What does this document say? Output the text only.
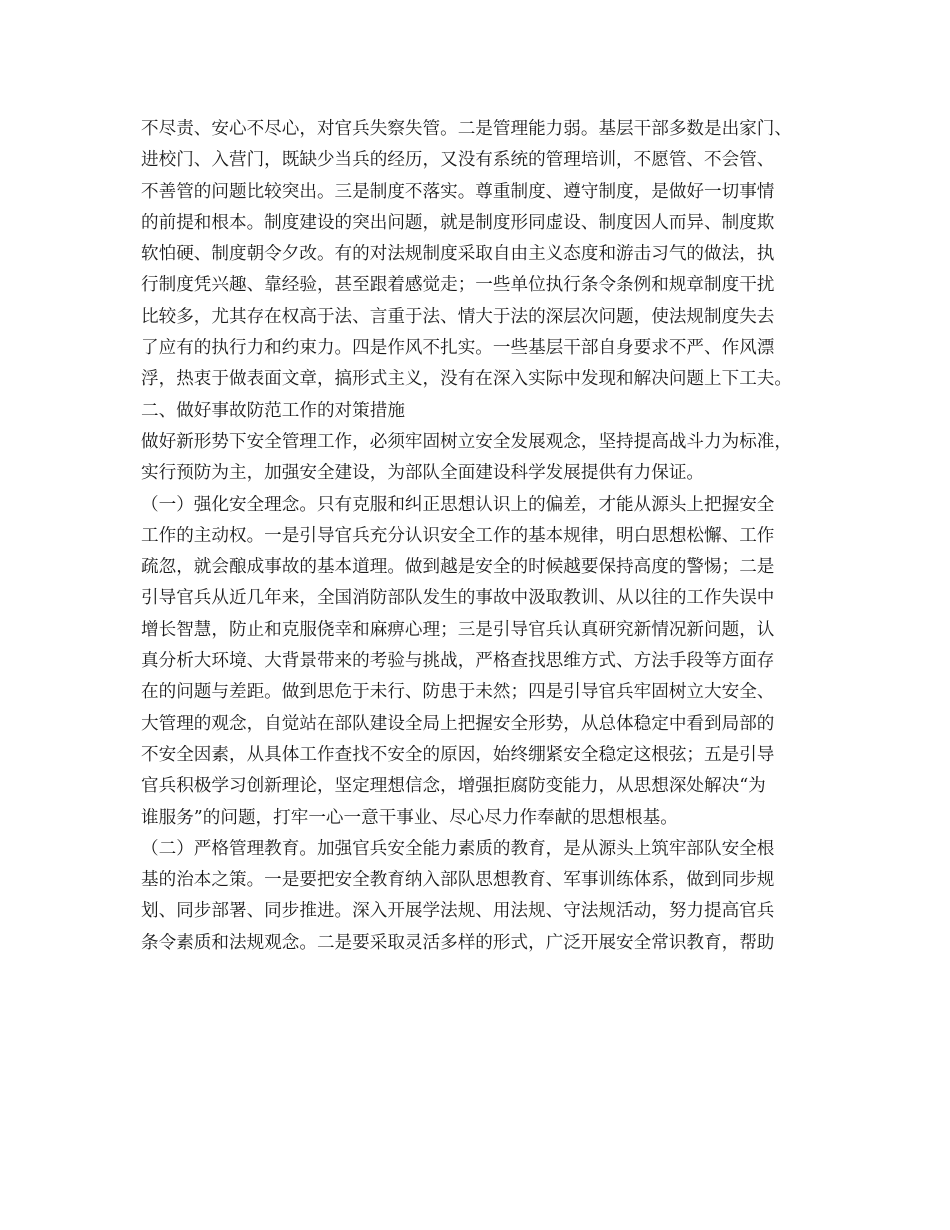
不尽责、安心不尽心，对官兵失察失管。二是管理能力弱。基层干部多数是出家门、
进校门、入营门，既缺少当兵的经历，又没有系统的管理培训，不愿管、不会管、
不善管的问题比较突出。三是制度不落实。尊重制度、遵守制度，是做好一切事情
的前提和根本。制度建设的突出问题，就是制度形同虚设、制度因人而异、制度欺
软怕硬、制度朝令夕改。有的对法规制度采取自由主义态度和游击习气的做法，执
行制度凭兴趣、靠经验，甚至跟着感觉走；一些单位执行条令条例和规章制度干扰
比较多，尤其存在权高于法、言重于法、情大于法的深层次问题，使法规制度失去
了应有的执行力和约束力。四是作风不扎实。一些基层干部自身要求不严、作风漂
浮，热衷于做表面文章，搞形式主义，没有在深入实际中发现和解决问题上下工夫。
二、做好事故防范工作的对策措施
做好新形势下安全管理工作，必须牢固树立安全发展观念，坚持提高战斗力为标准，
实行预防为主，加强安全建设，为部队全面建设科学发展提供有力保证。
（一）强化安全理念。只有克服和纠正思想认识上的偏差，才能从源头上把握安全
工作的主动权。一是引导官兵充分认识安全工作的基本规律，明白思想松懈、工作
疏忽，就会酿成事故的基本道理。做到越是安全的时候越要保持高度的警惕；二是
引导官兵从近几年来，全国消防部队发生的事故中汲取教训、从以往的工作失误中
增长智慧，防止和克服侥幸和麻痹心理；三是引导官兵认真研究新情况新问题，认
真分析大环境、大背景带来的考验与挑战，严格查找思维方式、方法手段等方面存
在的问题与差距。做到思危于未行、防患于未然；四是引导官兵牢固树立大安全、
大管理的观念，自觉站在部队建设全局上把握安全形势，从总体稳定中看到局部的
不安全因素，从具体工作查找不安全的原因，始终绷紧安全稳定这根弦；五是引导
官兵积极学习创新理论，坚定理想信念，增强拒腐防变能力，从思想深处解决“为
谁服务”的问题，打牢一心一意干事业、尽心尽力作奉献的思想根基。
（二）严格管理教育。加强官兵安全能力素质的教育，是从源头上筑牢部队安全根
基的治本之策。一是要把安全教育纳入部队思想教育、军事训练体系，做到同步规
划、同步部署、同步推进。深入开展学法规、用法规、守法规活动，努力提高官兵
条令素质和法规观念。二是要采取灵活多样的形式，广泛开展安全常识教育，帮助
